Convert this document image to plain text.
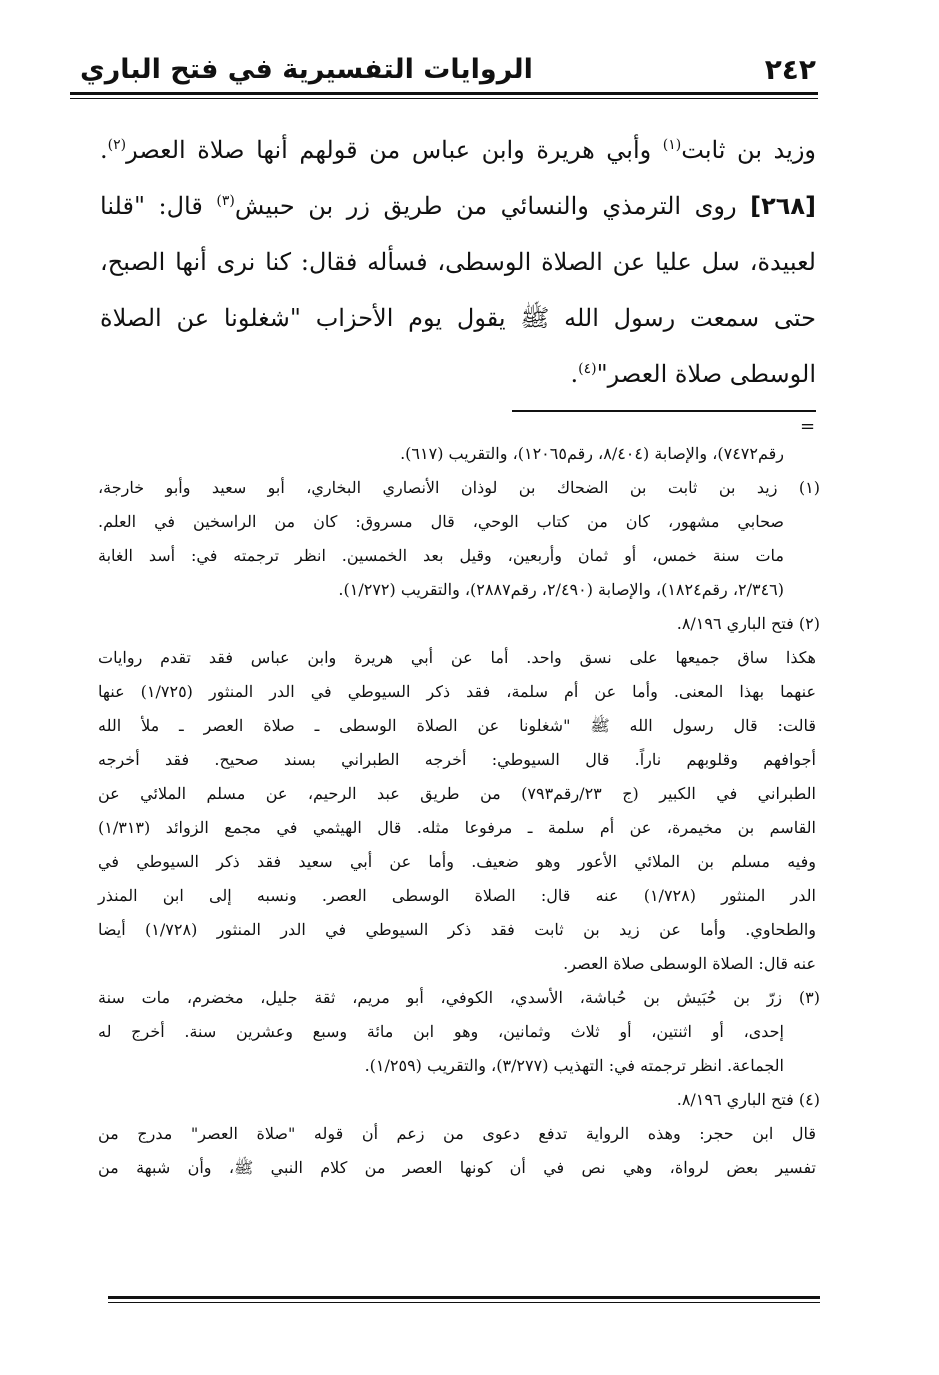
الروايات التفسيرية في فتح الباري	٢٤٢
وزيد بن ثابت$^{(١)}$ وأبي هريرة وابن عباس من قولهم أنها صلاة العصر$^{(٢)}$.
[٢٦٨] روى الترمذي والنسائي من طريق زر بن حبيش$^{(٣)}$ قال: "قلنا
لعبيدة، سل عليا عن الصلاة الوسطى، فسأله فقال: كنا نرى أنها الصبح،
حتى سمعت رسول الله ﷺ يقول يوم الأحزاب "شغلونا عن الصلاة
الوسطى صلاة العصر"$^{(٤)}$.
=
رقم٧٤٧٢)، والإصابة (٨/٤٠٤، رقم١٢٠٦٥)، والتقريب (٦١٧).
(١) زيد بن ثابت بن الضحاك بن لوذان الأنصاري البخاري، أبو سعيد وأبو خارجة،
صحابي مشهور، كان من كتاب الوحي، قال مسروق: كان من الراسخين في العلم.
مات سنة خمس، أو ثمان وأربعين، وقيل بعد الخمسين. انظر ترجمته في: أسد الغابة
(٢/٣٤٦، رقم١٨٢٤)، والإصابة (٢/٤٩٠، رقم٢٨٨٧)، والتقريب (١/٢٧٢).
(٢) فتح الباري ٨/١٩٦.
هكذا ساق جميعها على نسق واحد. أما عن أبي هريرة وابن عباس فقد تقدم روايات
عنهما بهذا المعنى. وأما عن أم سلمة، فقد ذكر السيوطي في الدر المنثور (١/٧٢٥) عنها
قالت: قال رسول الله ﷺ "شغلونا عن الصلاة الوسطى ـ صلاة العصر ـ ملأ الله
أجوافهم وقلوبهم ناراً. قال السيوطي: أخرجه الطبراني بسند صحيح. فقد أخرجه
الطبراني في الكبير (ج ٢٣/رقم٧٩٣) من طريق عبد الرحيم، عن مسلم الملائي عن
القاسم بن مخيمرة، عن أم سلمة ـ مرفوعا مثله. قال الهيثمي في مجمع الزوائد (١/٣١٣)
وفيه مسلم بن الملائي الأعور وهو ضعيف. وأما عن أبي سعيد فقد ذكر السيوطي في
الدر المنثور (١/٧٢٨) عنه قال: الصلاة الوسطى العصر. ونسبه إلى ابن المنذر
والطحاوي. وأما عن زيد بن ثابت فقد ذكر السيوطي في الدر المنثور (١/٧٢٨) أيضا
عنه قال: الصلاة الوسطى صلاة العصر.
(٣) زرّ بن حُبَيش بن حُباشة، الأسدي، الكوفي، أبو مريم، ثقة جليل، مخضرم، مات سنة
إحدى، أو اثنتين، أو ثلاث وثمانين، وهو ابن مائة وسبع وعشرين سنة. أخرج له
الجماعة. انظر ترجمته في: التهذيب (٣/٢٧٧)، والتقريب (١/٢٥٩).
(٤) فتح الباري ٨/١٩٦.
قال ابن حجر: وهذه الرواية تدفع دعوى من زعم أن قوله "صلاة العصر" مدرج من
تفسير بعض لرواة، وهي نص في أن كونها العصر من كلام النبي ﷺ، وأن شبهة من
